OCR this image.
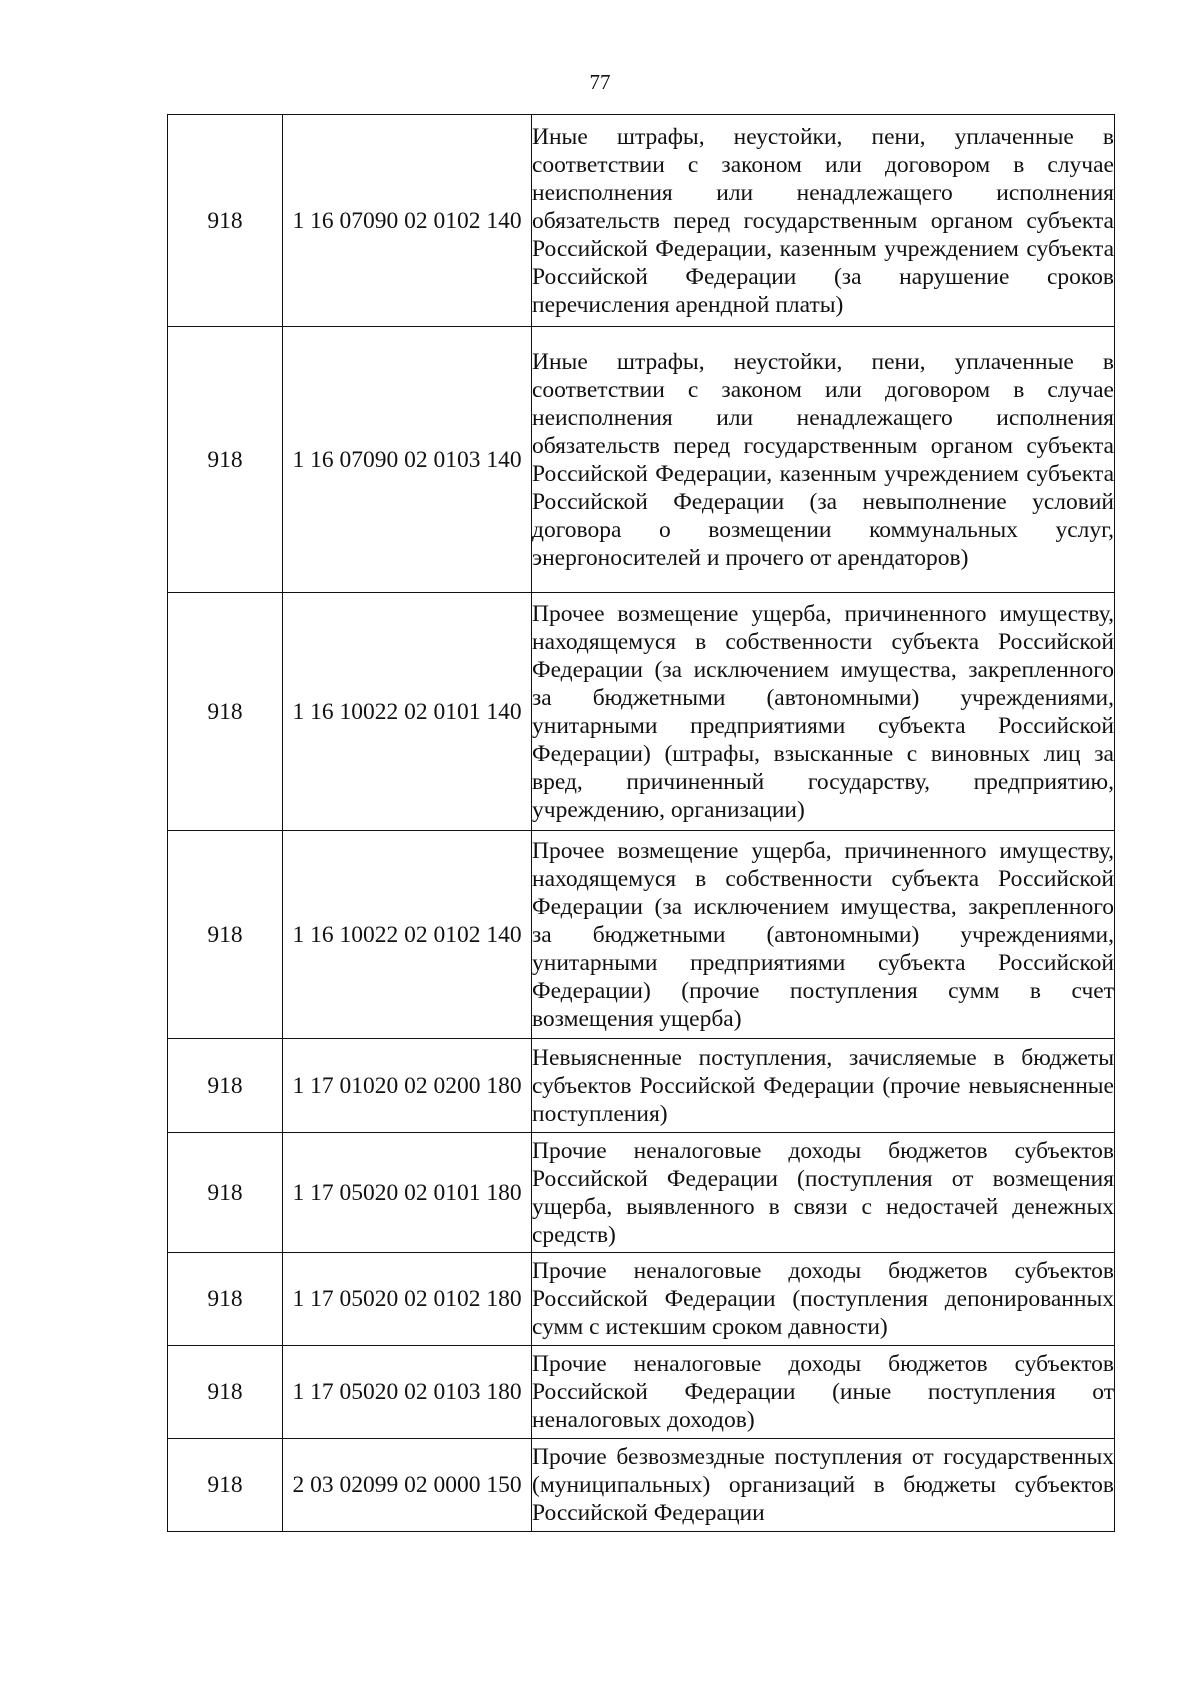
77
918	1 16 07090 02 0102 140	Иные штрафы, неустойки, пени, уплаченные в соответствии с законом или договором в случае неисполнения или ненадлежащего исполнения обязательств перед государственным органом субъекта Российской Федерации, казенным учреждением субъекта Российской Федерации (за нарушение сроков перечисления арендной платы)
918	1 16 07090 02 0103 140	Иные штрафы, неустойки, пени, уплаченные в соответствии с законом или договором в случае неисполнения или ненадлежащего исполнения обязательств перед государственным органом субъекта Российской Федерации, казенным учреждением субъекта Российской Федерации (за невыполнение условий договора о возмещении коммунальных услуг, энергоносителей и прочего от арендаторов)
918	1 16 10022 02 0101 140	Прочее возмещение ущерба, причиненного имуществу, находящемуся в собственности субъекта Российской Федерации (за исключением имущества, закрепленного за бюджетными (автономными) учреждениями, унитарными предприятиями субъекта Российской Федерации) (штрафы, взысканные с виновных лиц за вред, причиненный государству, предприятию, учреждению, организации)
918	1 16 10022 02 0102 140	Прочее возмещение ущерба, причиненного имуществу, находящемуся в собственности субъекта Российской Федерации (за исключением имущества, закрепленного за бюджетными (автономными) учреждениями, унитарными предприятиями субъекта Российской Федерации) (прочие поступления сумм в счет возмещения ущерба)
918	1 17 01020 02 0200 180	Невыясненные поступления, зачисляемые в бюджеты субъектов Российской Федерации (прочие невыясненные поступления)
918	1 17 05020 02 0101 180	Прочие неналоговые доходы бюджетов субъектов Российской Федерации (поступления от возмещения ущерба, выявленного в связи с недостачей денежных средств)
918	1 17 05020 02 0102 180	Прочие неналоговые доходы бюджетов субъектов Российской Федерации (поступления депонированных сумм с истекшим сроком давности)
918	1 17 05020 02 0103 180	Прочие неналоговые доходы бюджетов субъектов Российской Федерации (иные поступления от неналоговых доходов)
918	2 03 02099 02 0000 150	Прочие безвозмездные поступления от государственных (муниципальных) организаций в бюджеты субъектов Российской Федерации
